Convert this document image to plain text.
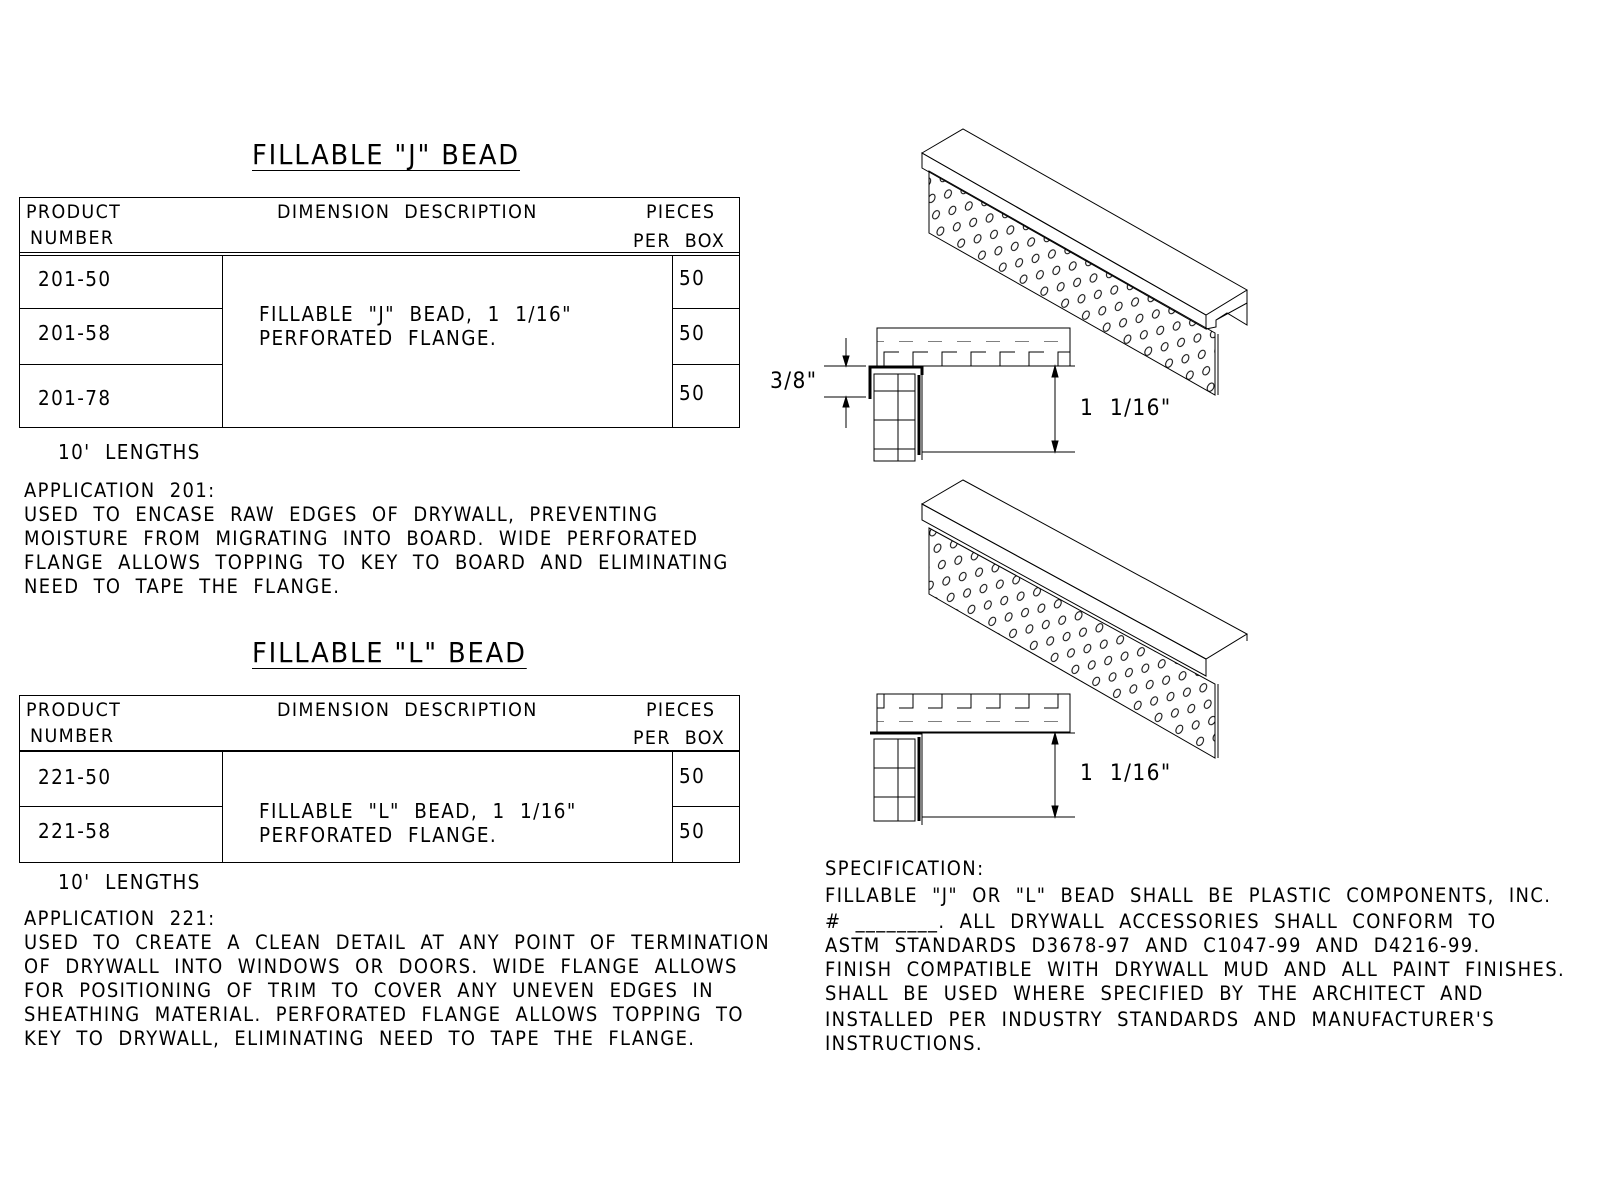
FILLABLE "J" BEAD
PRODUCT
NUMBER
DIMENSION  DESCRIPTION	PIECES
PER  BOX
201-50
201-58
201-78
50
50
50
FILLABLE  "J"  BEAD,  1  1/16"
PERFORATED  FLANGE.
10'  LENGTHS
APPLICATION  201:
USED  TO  ENCASE  RAW  EDGES  OF  DRYWALL,  PREVENTING
MOISTURE  FROM  MIGRATING  INTO  BOARD.  WIDE  PERFORATED
FLANGE  ALLOWS  TOPPING  TO  KEY  TO  BOARD  AND  ELIMINATING
NEED  TO  TAPE  THE  FLANGE.
FILLABLE "L" BEAD
PRODUCT
NUMBER
DIMENSION  DESCRIPTION	PIECES
PER  BOX
221-50
221-58
50
50
FILLABLE  "L"  BEAD,  1  1/16"
PERFORATED  FLANGE.
10'  LENGTHS
APPLICATION  221:
USED  TO  CREATE  A  CLEAN  DETAIL  AT  ANY  POINT  OF  TERMINATION
OF  DRYWALL  INTO  WINDOWS  OR  DOORS.  WIDE  FLANGE  ALLOWS
FOR  POSITIONING  OF  TRIM  TO  COVER  ANY  UNEVEN  EDGES  IN
SHEATHING  MATERIAL.  PERFORATED  FLANGE  ALLOWS  TOPPING  TO
KEY  TO  DRYWALL,  ELIMINATING  NEED  TO  TAPE  THE  FLANGE.
3/8"
1  1/16"
1  1/16"
SPECIFICATION:
FILLABLE  "J"  OR  "L"  BEAD  SHALL  BE  PLASTIC  COMPONENTS,  INC.
#  ________.  ALL  DRYWALL  ACCESSORIES  SHALL  CONFORM  TO
ASTM  STANDARDS  D3678-97  AND  C1047-99  AND  D4216-99.
FINISH  COMPATIBLE  WITH  DRYWALL  MUD  AND  ALL  PAINT  FINISHES.
SHALL  BE  USED  WHERE  SPECIFIED  BY  THE  ARCHITECT  AND
INSTALLED  PER  INDUSTRY  STANDARDS  AND  MANUFACTURER'S
INSTRUCTIONS.
